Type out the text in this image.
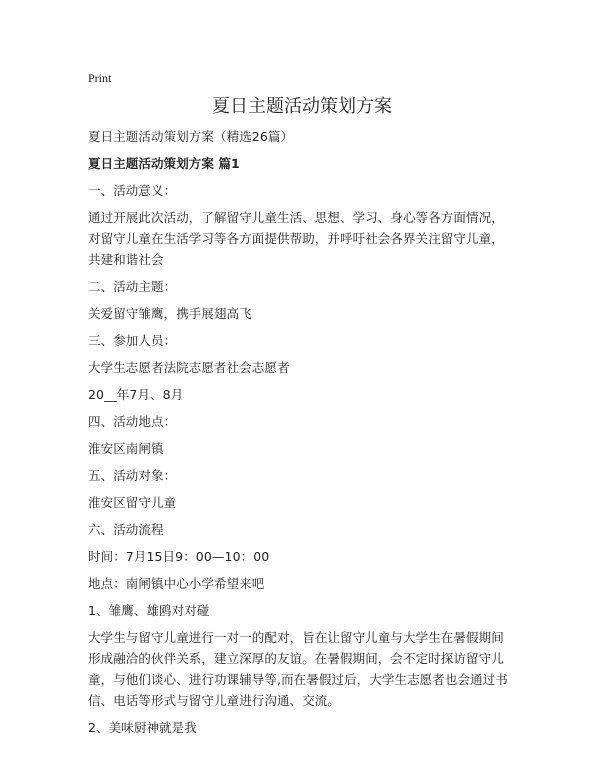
Print
夏日主题活动策划方案

夏日主题活动策划方案（精选26篇）

夏日主题活动策划方案 篇1

一、活动意义：

通过开展此次活动，了解留守儿童生活、思想、学习、身心等各方面情况，对留守儿童在生活学习等各方面提供帮助，并呼吁社会各界关注留守儿童，共建和谐社会

二、活动主题：

关爱留守雏鹰，携手展翅高飞

三、参加人员：

大学生志愿者法院志愿者社会志愿者

20__年7月、8月

四、活动地点：

淮安区南闸镇

五、活动对象：

淮安区留守儿童

六、活动流程

时间：7月15日9：00—10：00

地点：南闸镇中心小学希望来吧

1、雏鹰、雄鸥对对碰

大学生与留守儿童进行一对一的配对，旨在让留守儿童与大学生在暑假期间形成融洽的伙伴关系，建立深厚的友谊。在暑假期间，会不定时探访留守儿童，与他们谈心、进行功课辅导等,而在暑假过后，大学生志愿者也会通过书信、电话等形式与留守儿童进行沟通、交流。

2、美味厨神就是我
